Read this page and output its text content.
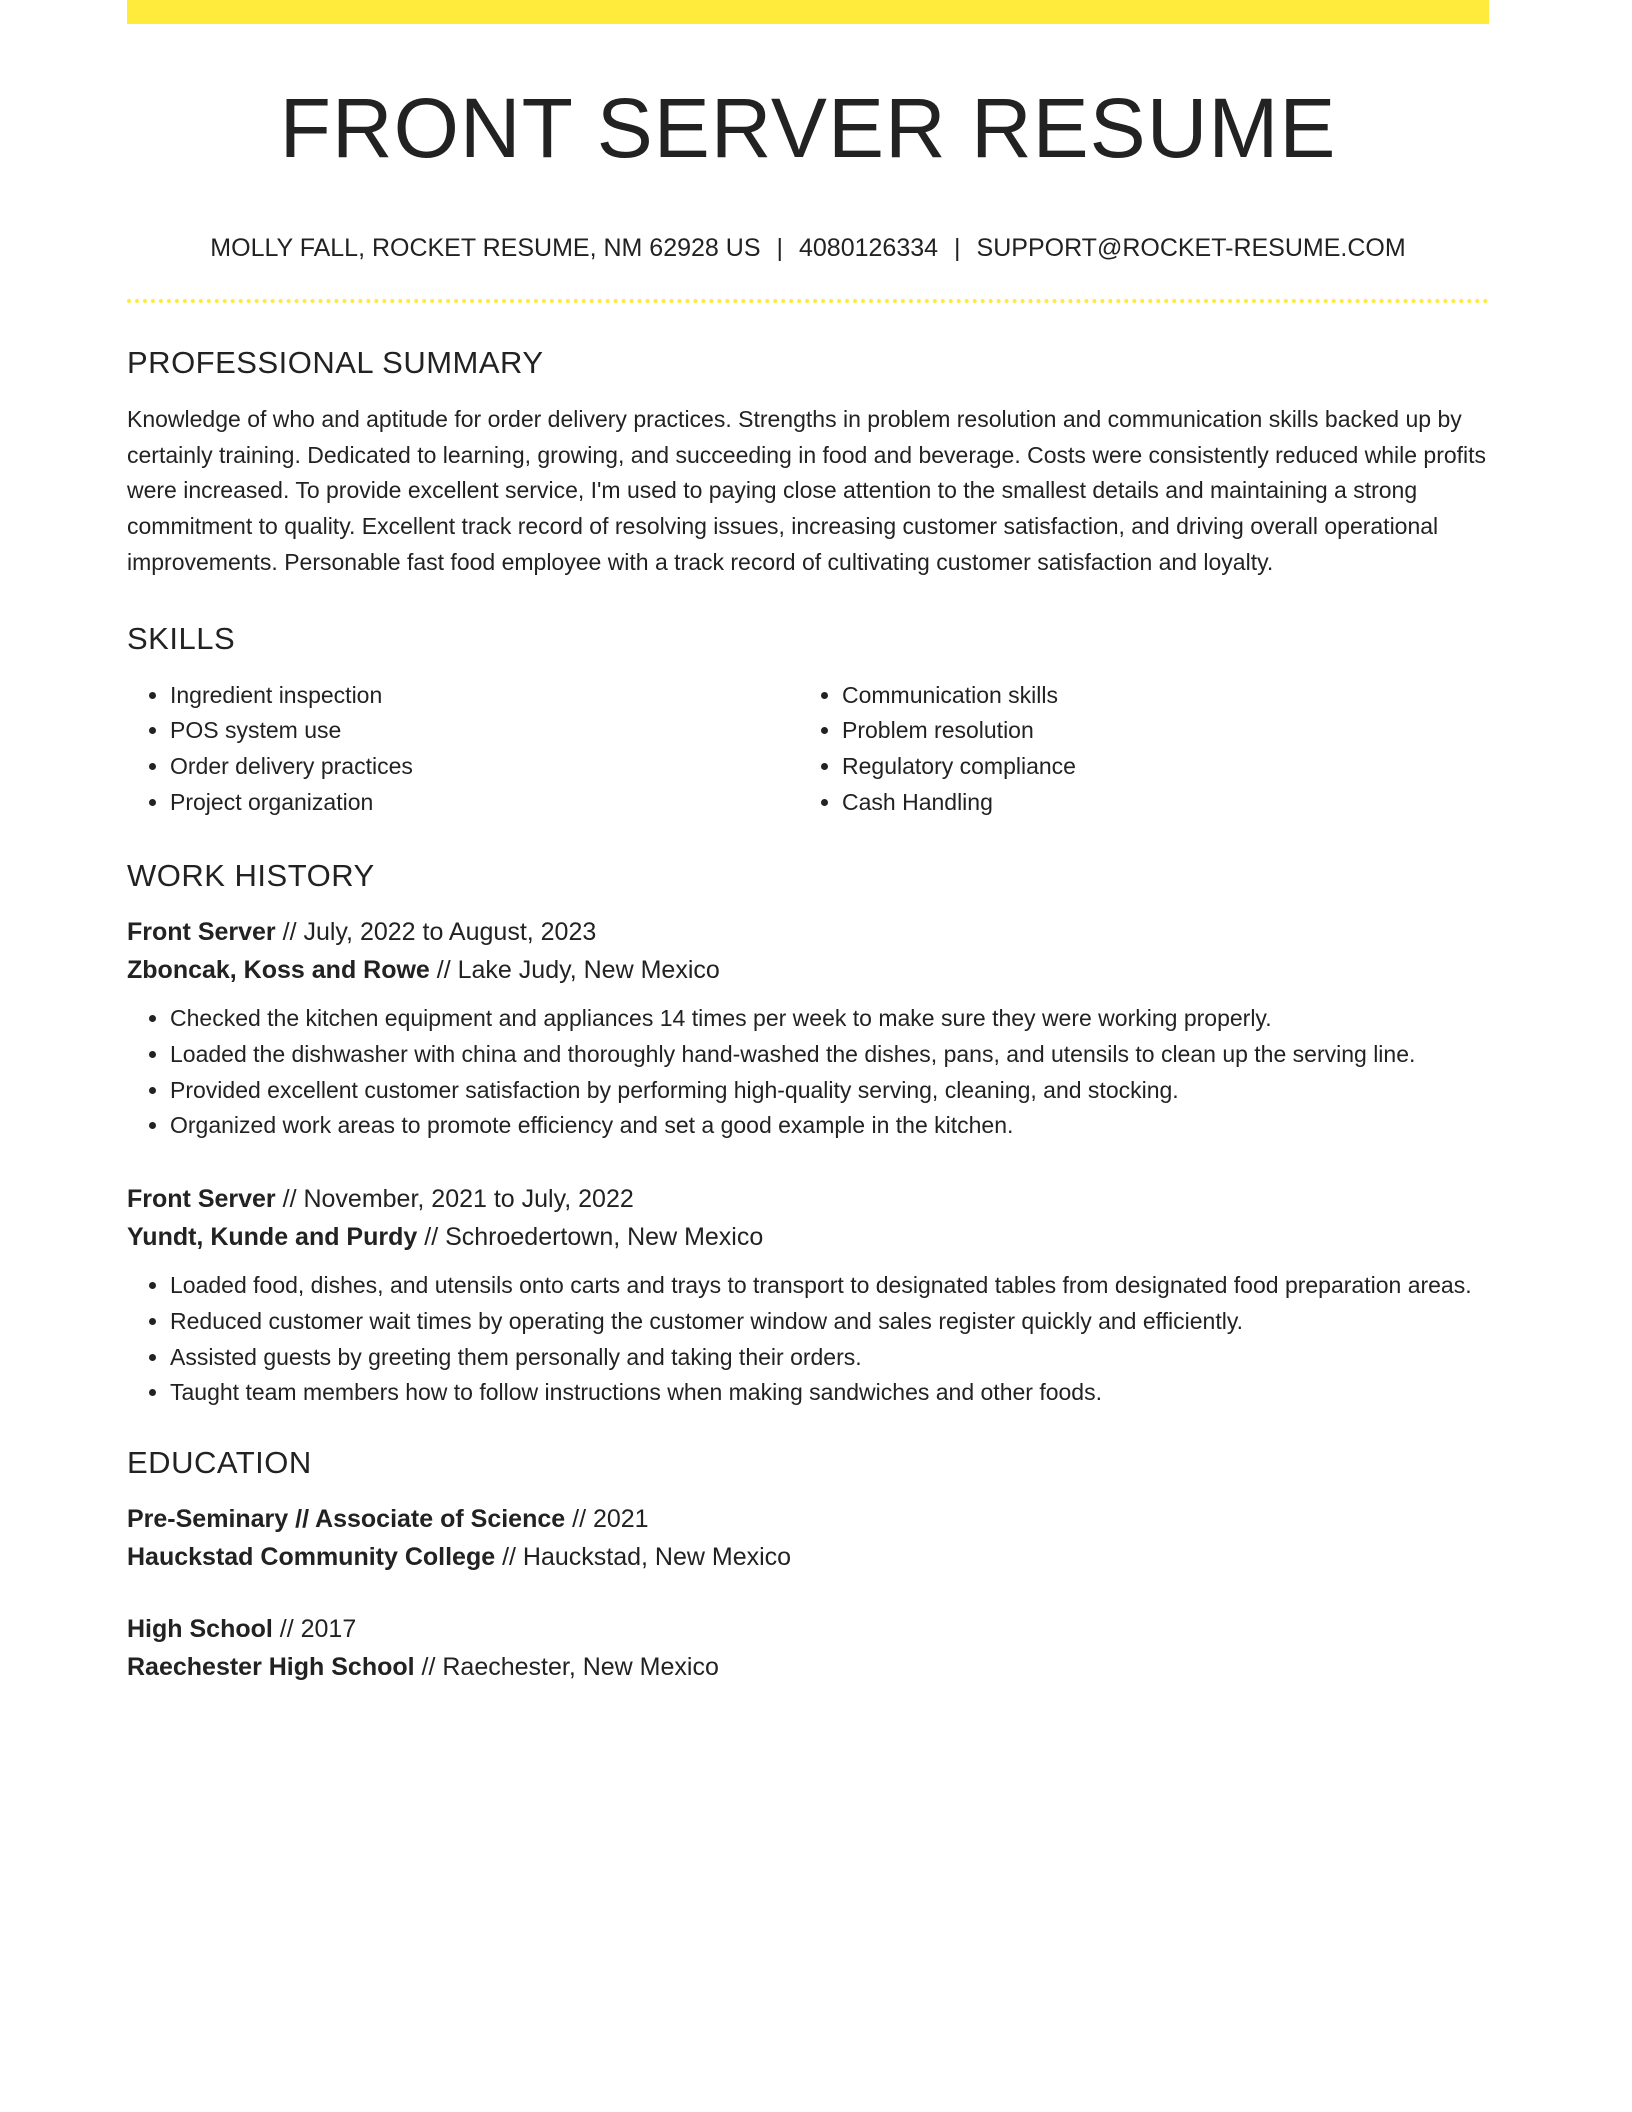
FRONT SERVER RESUME
MOLLY FALL, ROCKET RESUME, NM 62928 US | 4080126334 | SUPPORT@ROCKET-RESUME.COM
PROFESSIONAL SUMMARY
Knowledge of who and aptitude for order delivery practices. Strengths in problem resolution and communication skills backed up by certainly training. Dedicated to learning, growing, and succeeding in food and beverage. Costs were consistently reduced while profits were increased. To provide excellent service, I'm used to paying close attention to the smallest details and maintaining a strong commitment to quality. Excellent track record of resolving issues, increasing customer satisfaction, and driving overall operational improvements. Personable fast food employee with a track record of cultivating customer satisfaction and loyalty.
SKILLS
• Ingredient inspection
• POS system use
• Order delivery practices
• Project organization
• Communication skills
• Problem resolution
• Regulatory compliance
• Cash Handling
WORK HISTORY
Front Server // July, 2022 to August, 2023
Zboncak, Koss and Rowe // Lake Judy, New Mexico
• Checked the kitchen equipment and appliances 14 times per week to make sure they were working properly.
• Loaded the dishwasher with china and thoroughly hand-washed the dishes, pans, and utensils to clean up the serving line.
• Provided excellent customer satisfaction by performing high-quality serving, cleaning, and stocking.
• Organized work areas to promote efficiency and set a good example in the kitchen.
Front Server // November, 2021 to July, 2022
Yundt, Kunde and Purdy // Schroedertown, New Mexico
• Loaded food, dishes, and utensils onto carts and trays to transport to designated tables from designated food preparation areas.
• Reduced customer wait times by operating the customer window and sales register quickly and efficiently.
• Assisted guests by greeting them personally and taking their orders.
• Taught team members how to follow instructions when making sandwiches and other foods.
EDUCATION
Pre-Seminary // Associate of Science // 2021
Hauckstad Community College // Hauckstad, New Mexico
High School // 2017
Raechester High School // Raechester, New Mexico
